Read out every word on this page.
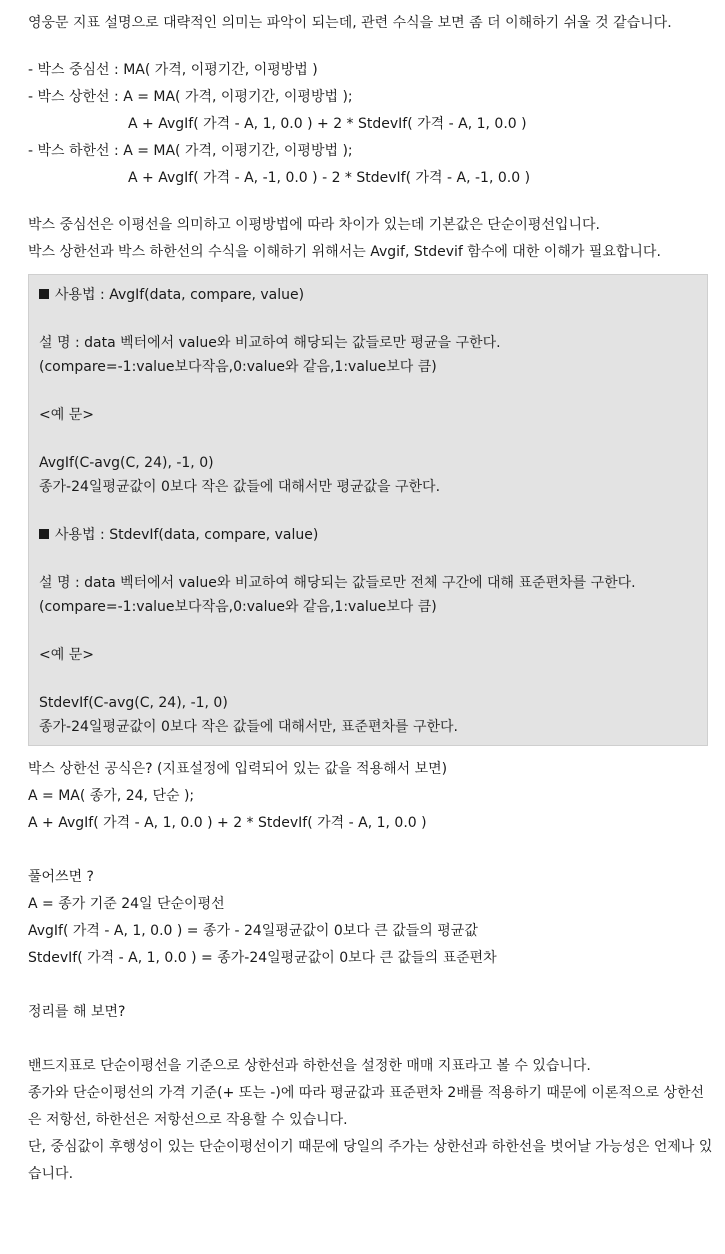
영웅문 지표 설명으로 대략적인 의미는 파악이 되는데, 관련 수식을 보면 좀 더 이해하기 쉬울 것 같습니다.
- 박스 중심선 : MA( 가격, 이평기간, 이평방법 )
- 박스 상한선 : A = MA( 가격, 이평기간, 이평방법 );
A + AvgIf( 가격 - A, 1, 0.0 ) + 2 * StdevIf( 가격 - A, 1, 0.0 )
- 박스 하한선 : A = MA( 가격, 이평기간, 이평방법 );
A + AvgIf( 가격 - A, -1, 0.0 ) - 2 * StdevIf( 가격 - A, -1, 0.0 )
박스 중심선은 이평선을 의미하고 이평방법에 따라 차이가 있는데 기본값은 단순이평선입니다.
박스 상한선과 박스 하한선의 수식을 이해하기 위해서는 Avgif, Stdevif 함수에 대한 이해가 필요합니다.
사용법 : AvgIf(data, compare, value)
설 명 : data 벡터에서 value와 비교하여 해당되는 값들로만 평균을 구한다.
(compare=-1:value보다작음,0:value와 같음,1:value보다 큼)
<예 문>
AvgIf(C-avg(C, 24), -1, 0)
종가-24일평균값이 0보다 작은 값들에 대해서만 평균값을 구한다.
사용법 : StdevIf(data, compare, value)
설 명 : data 벡터에서 value와 비교하여 해당되는 값들로만 전체 구간에 대해 표준편차를 구한다.
(compare=-1:value보다작음,0:value와 같음,1:value보다 큼)
<예 문>
StdevIf(C-avg(C, 24), -1, 0)
종가-24일평균값이 0보다 작은 값들에 대해서만, 표준편차를 구한다.
박스 상한선 공식은? (지표설정에 입력되어 있는 값을 적용해서 보면)
A = MA( 종가, 24, 단순 );
A + AvgIf( 가격 - A, 1, 0.0 ) + 2 * StdevIf( 가격 - A, 1, 0.0 )
풀어쓰면 ?
A = 종가 기준 24일 단순이평선
AvgIf( 가격 - A, 1, 0.0 ) = 종가 - 24일평균값이 0보다 큰 값들의 평균값
StdevIf( 가격 - A, 1, 0.0 ) = 종가-24일평균값이 0보다 큰 값들의 표준편차
정리를 해 보면?
밴드지표로 단순이평선을 기준으로 상한선과 하한선을 설정한 매매 지표라고 볼 수 있습니다.
종가와 단순이평선의 가격 기준(+ 또는 -)에 따라 평균값과 표준편차 2배를 적용하기 때문에 이론적으로 상한선은 저항선, 하한선은 저항선으로 작용할 수 있습니다.
단, 중심값이 후행성이 있는 단순이평선이기 때문에 당일의 주가는 상한선과 하한선을 벗어날 가능성은 언제나 있습니다.
